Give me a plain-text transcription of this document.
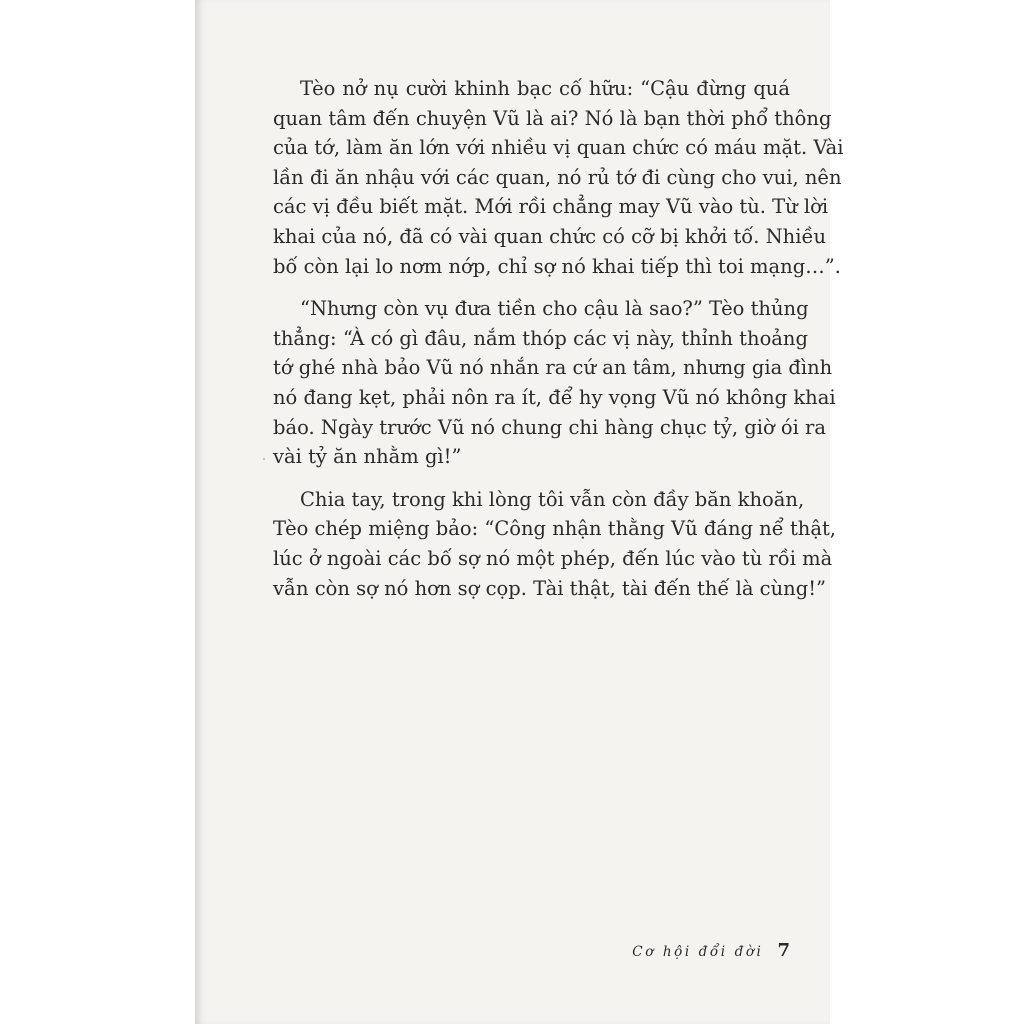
Tèo nở nụ cười khinh bạc cố hữu: “Cậu đừng quá
quan tâm đến chuyện Vũ là ai? Nó là bạn thời phổ thông
của tớ, làm ăn lớn với nhiều vị quan chức có máu mặt. Vài
lần đi ăn nhậu với các quan, nó rủ tớ đi cùng cho vui, nên
các vị đều biết mặt. Mới rồi chẳng may Vũ vào tù. Từ lời
khai của nó, đã có vài quan chức có cỡ bị khởi tố. Nhiều
bố còn lại lo nơm nớp, chỉ sợ nó khai tiếp thì toi mạng…”.
“Nhưng còn vụ đưa tiền cho cậu là sao?” Tèo thủng
thẳng: “À có gì đâu, nắm thóp các vị này, thỉnh thoảng
tớ ghé nhà bảo Vũ nó nhắn ra cứ an tâm, nhưng gia đình
nó đang kẹt, phải nôn ra ít, để hy vọng Vũ nó không khai
báo. Ngày trước Vũ nó chung chi hàng chục tỷ, giờ ói ra
vài tỷ ăn nhằm gì!”
Chia tay, trong khi lòng tôi vẫn còn đầy băn khoăn,
Tèo chép miệng bảo: “Công nhận thằng Vũ đáng nể thật,
lúc ở ngoài các bố sợ nó một phép, đến lúc vào tù rồi mà
vẫn còn sợ nó hơn sợ cọp. Tài thật, tài đến thế là cùng!”
Cơ hội đổi đời 7
